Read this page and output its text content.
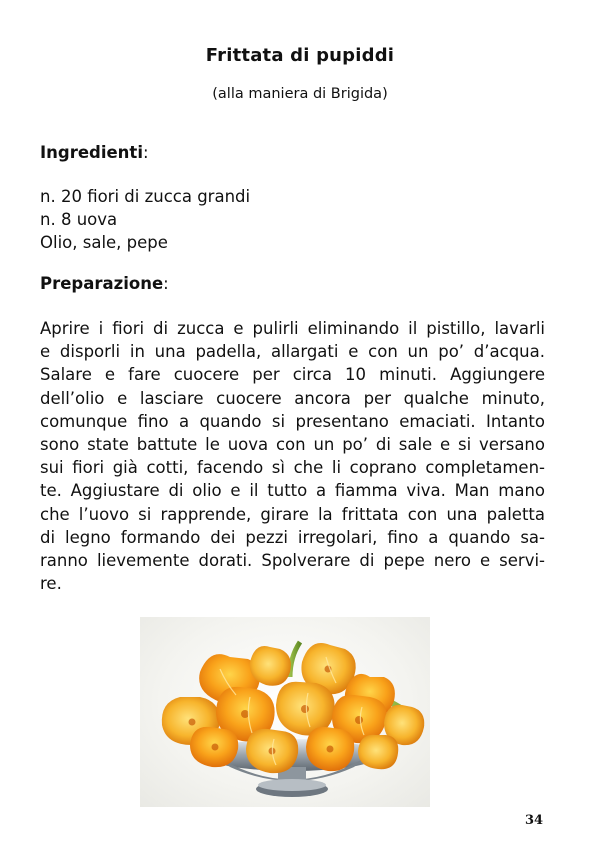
Frittata di pupiddi
(alla maniera di Brigida)
Ingredienti:
n. 20 fiori di zucca grandi
n. 8 uova
Olio, sale, pepe
Preparazione:
Aprire i fiori di zucca e pulirli eliminando il pistillo, lavarli
e disporli in una padella, allargati e con un po’ d’acqua.
Salare e fare cuocere per circa 10 minuti. Aggiungere
dell’olio e lasciare cuocere ancora per qualche minuto,
comunque fino a quando si presentano emaciati. Intanto
sono state battute le uova con un po’ di sale e si versano
sui fiori già cotti, facendo sì che li coprano completamen-
te. Aggiustare di olio e il tutto a fiamma viva. Man mano
che l’uovo si rapprende, girare la frittata con una paletta
di legno formando dei pezzi irregolari, fino a quando sa-
ranno lievemente dorati. Spolverare di pepe nero e servi-
re.
34
